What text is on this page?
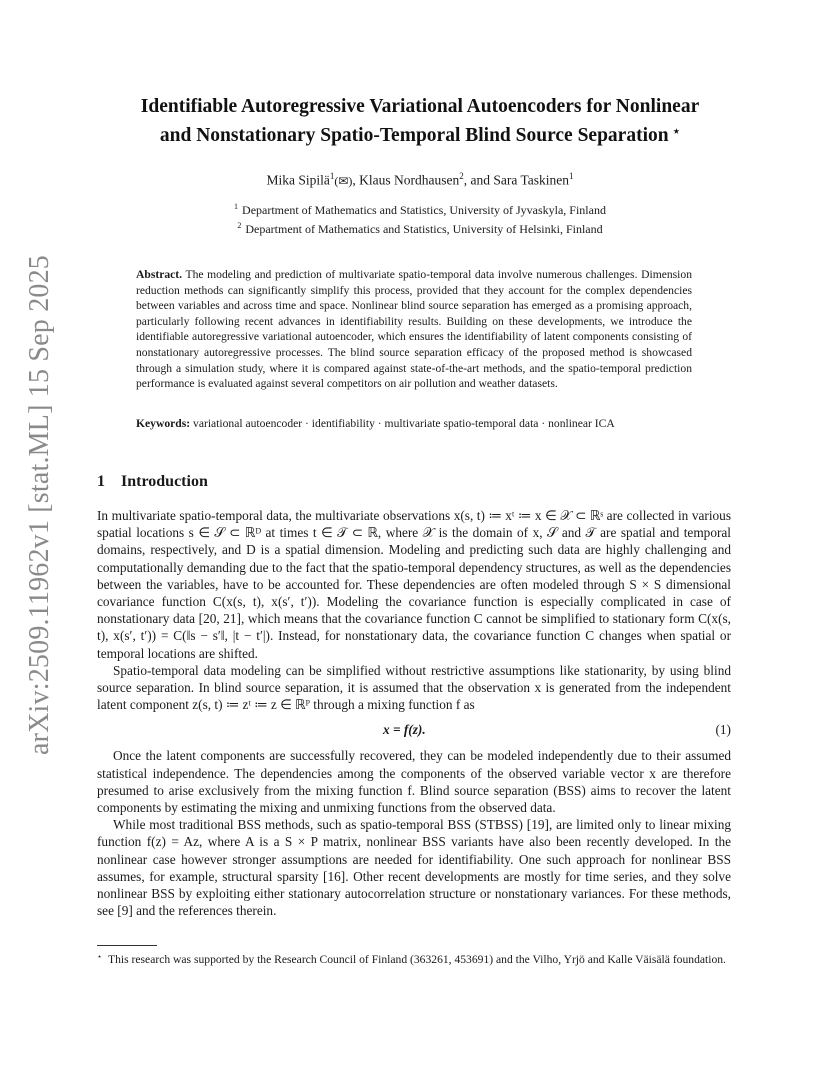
arXiv:2509.11962v1 [stat.ML] 15 Sep 2025
Identifiable Autoregressive Variational Autoencoders for Nonlinear
and Nonstationary Spatio-Temporal Blind Source Separation ⋆
Mika Sipilä$^1$(✉), Klaus Nordhausen$^2$, and Sara Taskinen$^1$
$^1$ Department of Mathematics and Statistics, University of Jyvaskyla, Finland
$^2$ Department of Mathematics and Statistics, University of Helsinki, Finland
Abstract. The modeling and prediction of multivariate spatio-temporal data involve numerous challenges. Dimension reduction methods can significantly simplify this process, provided that they account for the complex dependencies between variables and across time and space. Nonlinear blind source separation has emerged as a promising approach, particularly following recent advances in identifiability results. Building on these developments, we introduce the identifiable autoregressive variational autoencoder, which ensures the identifiability of latent components consisting of nonstationary autoregressive processes. The blind source separation efficacy of the proposed method is showcased through a simulation study, where it is compared against state-of-the-art methods, and the spatio-temporal prediction performance is evaluated against several competitors on air pollution and weather datasets.
Keywords: variational autoencoder · identifiability · multivariate spatio-temporal data · nonlinear ICA
1 Introduction

In multivariate spatio-temporal data, the multivariate observations x(s, t) ≔ xᵗ ≔ x ∈ 𝒳 ⊂ ℝˢ are collected in various spatial locations s ∈ 𝒮 ⊂ ℝᴰ at times t ∈ 𝒯 ⊂ ℝ, where 𝒳 is the domain of x, 𝒮 and 𝒯 are spatial and temporal domains, respectively, and D is a spatial dimension. Modeling and predicting such data are highly challenging and computationally demanding due to the fact that the spatio-temporal dependency structures, as well as the dependencies between the variables, have to be accounted for. These dependencies are often modeled through S × S dimensional covariance function C(x(s, t), x(s′, t′)). Modeling the covariance function is especially complicated in case of nonstationary data [20, 21], which means that the covariance function C cannot be simplified to stationary form C(x(s, t), x(s′, t′)) = C(‖s − s′‖, |t − t′|). Instead, for nonstationary data, the covariance function C changes when spatial or temporal locations are shifted.

Spatio-temporal data modeling can be simplified without restrictive assumptions like stationarity, by using blind source separation. In blind source separation, it is assumed that the observation x is generated from the independent latent component z(s, t) ≔ zᵗ ≔ z ∈ ℝᴾ through a mixing function f as

x = f(z).	(1)

Once the latent components are successfully recovered, they can be modeled independently due to their assumed statistical independence. The dependencies among the components of the observed variable vector x are therefore presumed to arise exclusively from the mixing function f. Blind source separation (BSS) aims to recover the latent components by estimating the mixing and unmixing functions from the observed data.

While most traditional BSS methods, such as spatio-temporal BSS (STBSS) [19], are limited only to linear mixing function f(z) = Az, where A is a S × P matrix, nonlinear BSS variants have also been recently developed. In the nonlinear case however stronger assumptions are needed for identifiability. One such approach for nonlinear BSS assumes, for example, structural sparsity [16]. Other recent developments are mostly for time series, and they solve nonlinear BSS by exploiting either stationary autocorrelation structure or nonstationary variances. For these methods, see [9] and the references therein.

⋆ This research was supported by the Research Council of Finland (363261, 453691) and the Vilho, Yrjö and Kalle Väisälä foundation.
